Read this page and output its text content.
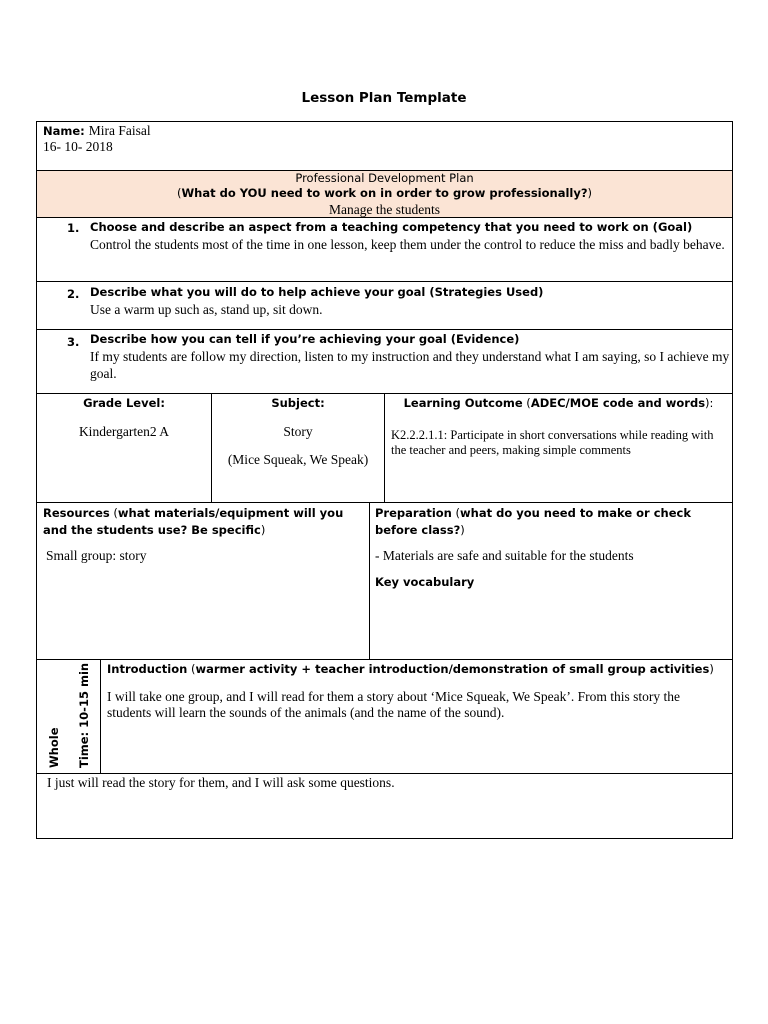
Lesson Plan Template
Name: Mira Faisal
16- 10- 2018
Professional Development Plan
(What do YOU need to work on in order to grow professionally?)
Manage the students
1. Choose and describe an aspect from a teaching competency that you need to work on (Goal)
Control the students most of the time in one lesson, keep them under the control to reduce the miss and badly behave.
2. Describe what you will do to help achieve your goal (Strategies Used)
Use a warm up such as, stand up, sit down.
3. Describe how you can tell if you’re achieving your goal (Evidence)
If my students are follow my direction, listen to my instruction and they understand what I am saying, so I achieve my goal.
Grade Level:
Kindergarten2 A
Subject:
Story
(Mice Squeak, We Speak)
Learning Outcome (ADEC/MOE code and words):
K2.2.2.1.1: Participate in short conversations while reading with the teacher and peers, making simple comments
Resources (what materials/equipment will you and the students use? Be specific)
Small group: story
Preparation (what do you need to make or check before class?)
- Materials are safe and suitable for the students
Key vocabulary
Whole Time: 10-15 min Introduction (warmer activity + teacher introduction/demonstration of small group activities)
I will take one group, and I will read for them a story about ‘Mice Squeak, We Speak’. From this story the students will learn the sounds of the animals (and the name of the sound).
I just will read the story for them, and I will ask some questions.
